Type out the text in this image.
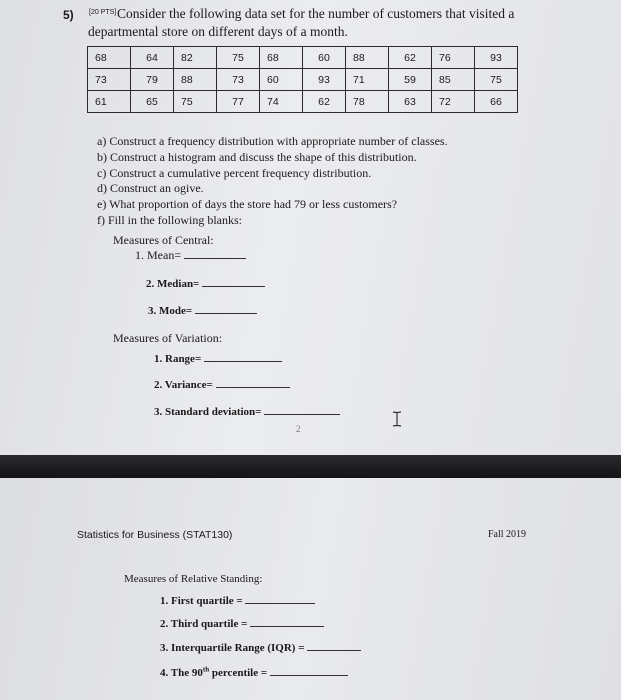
5) [20 PTS] Consider the following data set for the number of customers that visited a
departmental store on different days of a month.
68	64	82	75	68	60	88	62	76	93
73	79	88	73	60	93	71	59	85	75
61	65	75	77	74	62	78	63	72	66
a) Construct a frequency distribution with appropriate number of classes.
b) Construct a histogram and discuss the shape of this distribution.
c) Construct a cumulative percent frequency distribution.
d) Construct an ogive.
e) What proportion of days the store had 79 or less customers?
f) Fill in the following blanks:
Measures of Central:
1. Mean=
2. Median=
3. Mode=
Measures of Variation:
1. Range=
2. Variance=
3. Standard deviation=
2
Statistics for Business (STAT130)	Fall 2019
Measures of Relative Standing:
1. First quartile =
2. Third quartile =
3. Interquartile Range (IQR) =
4. The 90th percentile =
